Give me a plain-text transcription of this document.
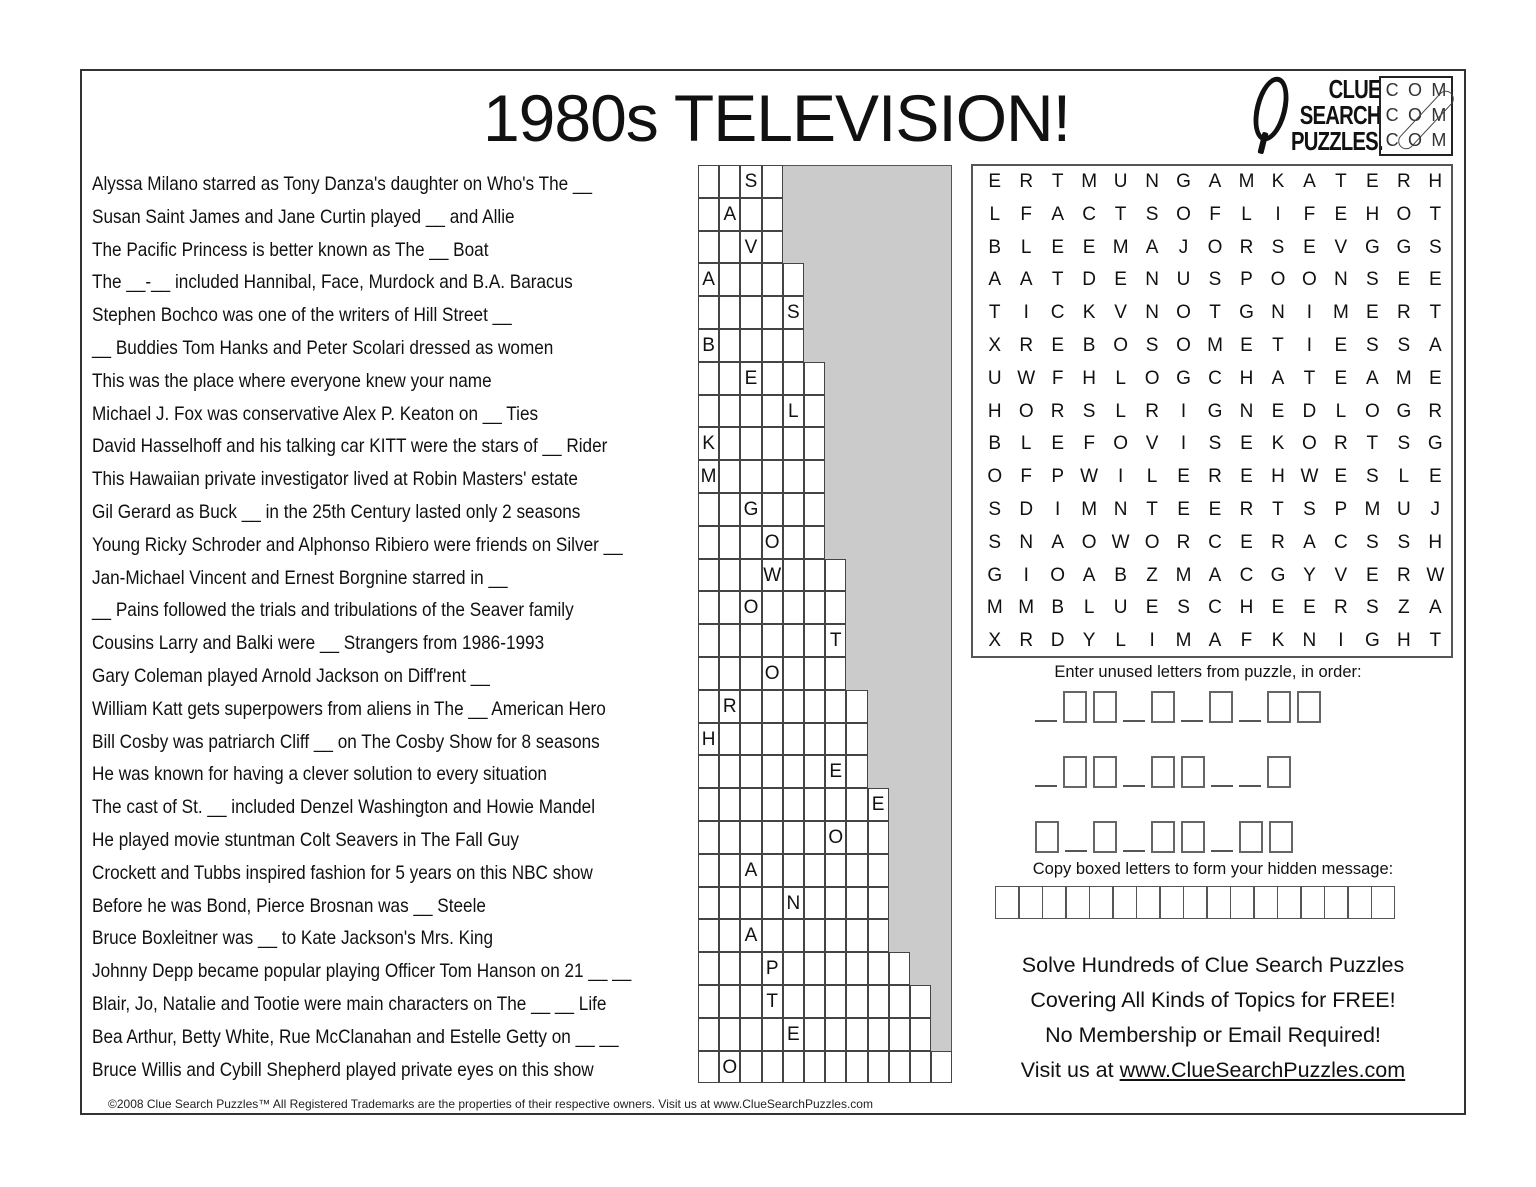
1980s TELEVISION!	CLUE
SEARCH
PUZZLES.
C O M
C O M
C O M
Alyssa Milano starred as Tony Danza's daughter on Who's The __
Susan Saint James and Jane Curtin played __ and Allie
The Pacific Princess is better known as The __ Boat
The __-__ included Hannibal, Face, Murdock and B.A. Baracus
Stephen Bochco was one of the writers of Hill Street __
__ Buddies Tom Hanks and Peter Scolari dressed as women
This was the place where everyone knew your name
Michael J. Fox was conservative Alex P. Keaton on __ Ties
David Hasselhoff and his talking car KITT were the stars of __ Rider
This Hawaiian private investigator lived at Robin Masters' estate
Gil Gerard as Buck __ in the 25th Century lasted only 2 seasons
Young Ricky Schroder and Alphonso Ribiero were friends on Silver __
Jan-Michael Vincent and Ernest Borgnine starred in __
__ Pains followed the trials and tribulations of the Seaver family
Cousins Larry and Balki were __ Strangers from 1986-1993
Gary Coleman played Arnold Jackson on Diff'rent __
William Katt gets superpowers from aliens in The __ American Hero
Bill Cosby was patriarch Cliff __ on The Cosby Show for 8 seasons
He was known for having a clever solution to every situation
The cast of St. __ included Denzel Washington and Howie Mandel
He played movie stuntman Colt Seavers in The Fall Guy
Crockett and Tubbs inspired fashion for 5 years on this NBC show
Before he was Bond, Pierce Brosnan was __ Steele
Bruce Boxleitner was __ to Kate Jackson's Mrs. King
Johnny Depp became popular playing Officer Tom Hanson on 21 __ __
Blair, Jo, Natalie and Tootie were main characters on The __ __ Life
Bea Arthur, Betty White, Rue McClanahan and Estelle Getty on __ __
Bruce Willis and Cybill Shepherd played private eyes on this show
S
A
V
A
S
B
E
L
K
M
G
O
W
O
T
O
R
H
E
E
O
A
N
A
P
T
E
O
E R T M U N G A M K A	T	E R H
L	F	A C T	S O F	L	I	F	E H O T
B	L	E E M A	J	O R S E V G G S
A A	T D E N U S P O O N S E E
T	I	C K V N O T G N	I	M E R T
X R E B O S O M E	T	I	E S S A
U W F H	L O G C H A	T	E A M E
H O R S	L	R	I	G N E D	L O G R
B	L	E	F O V	I	S E K O R T	S G
O F	P W	I	L	E R E H W E S	L	E
S D	I	M N T	E E R T	S P M U	J
S N A O W O R C E R A C S S H
G	I	O A B	Z M A C G Y V E R W
M M B	L	U E S C H E E R S	Z	A
X R D Y	L	I	M A	F	K N	I	G H T
Enter unused letters from puzzle, in order:
Copy boxed letters to form your hidden message:
Solve Hundreds of Clue Search Puzzles
Covering All Kinds of Topics for FREE!
No Membership or Email Required!
Visit us at www.ClueSearchPuzzles.com
©2008 Clue Search Puzzles™ All Registered Trademarks are the properties of their respective owners. Visit us at www.ClueSearchPuzzles.com
